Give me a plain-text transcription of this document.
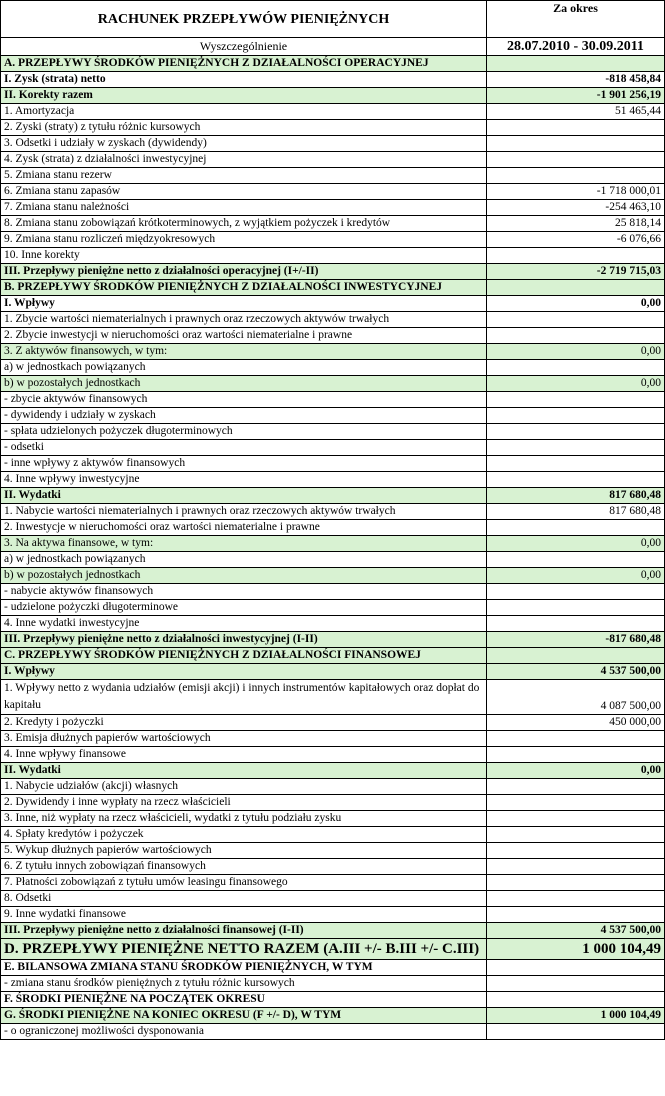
RACHUNEK PRZEPŁYWÓW PIENIĘŻNYCH	Za okres
Wyszczególnienie	28.07.2010 - 30.09.2011
A. PRZEPŁYWY ŚRODKÓW PIENIĘŻNYCH Z DZIAŁALNOŚCI OPERACYJNEJ	
I. Zysk (strata) netto	-818 458,84
II. Korekty razem	-1 901 256,19
1. Amortyzacja	51 465,44
2. Zyski (straty) z tytułu różnic kursowych	
3. Odsetki i udziały w zyskach (dywidendy)	
4. Zysk (strata) z działalności inwestycyjnej	
5. Zmiana stanu rezerw	
6. Zmiana stanu zapasów	-1 718 000,01
7. Zmiana stanu należności	-254 463,10
8. Zmiana stanu zobowiązań krótkoterminowych, z wyjątkiem pożyczek i kredytów	25 818,14
9. Zmiana stanu rozliczeń międzyokresowych	-6 076,66
10. Inne korekty	
III. Przepływy pieniężne netto z działalności operacyjnej (I+/-II)	-2 719 715,03
B. PRZEPŁYWY ŚRODKÓW PIENIĘŻNYCH Z DZIAŁALNOŚCI INWESTYCYJNEJ	
I. Wpływy	0,00
1. Zbycie wartości niematerialnych i prawnych oraz rzeczowych aktywów trwałych	
2. Zbycie inwestycji w nieruchomości oraz wartości niematerialne i prawne	
3. Z aktywów finansowych, w tym:	0,00
a) w jednostkach powiązanych	
b) w pozostałych jednostkach	0,00
- zbycie aktywów finansowych	
- dywidendy i udziały w zyskach	
- spłata udzielonych pożyczek długoterminowych	
- odsetki	
- inne wpływy z aktywów finansowych	
4. Inne wpływy inwestycyjne	
II. Wydatki	817 680,48
1. Nabycie wartości niematerialnych i prawnych oraz rzeczowych aktywów trwałych	817 680,48
2. Inwestycje w nieruchomości oraz wartości niematerialne i prawne	
3. Na aktywa finansowe, w tym:	0,00
a) w jednostkach powiązanych	
b) w pozostałych jednostkach	0,00
- nabycie aktywów finansowych	
- udzielone pożyczki długoterminowe	
4. Inne wydatki inwestycyjne	
III. Przepływy pieniężne netto z działalności inwestycyjnej (I-II)	-817 680,48
C. PRZEPŁYWY ŚRODKÓW PIENIĘŻNYCH Z DZIAŁALNOŚCI FINANSOWEJ	
I. Wpływy	4 537 500,00
1. Wpływy netto z wydania udziałów (emisji akcji) i innych instrumentów kapitałowych oraz dopłat do kapitału	4 087 500,00
2. Kredyty i pożyczki	450 000,00
3. Emisja dłużnych papierów wartościowych	
4. Inne wpływy finansowe	
II. Wydatki	0,00
1. Nabycie udziałów (akcji) własnych	
2. Dywidendy i inne wypłaty na rzecz właścicieli	
3. Inne, niż wypłaty na rzecz właścicieli, wydatki z tytułu podziału zysku	
4. Spłaty kredytów i pożyczek	
5. Wykup dłużnych papierów wartościowych	
6. Z tytułu innych zobowiązań finansowych	
7. Płatności zobowiązań z tytułu umów leasingu finansowego	
8. Odsetki	
9. Inne wydatki finansowe	
III. Przepływy pieniężne netto z działalności finansowej (I-II)	4 537 500,00
D. PRZEPŁYWY PIENIĘŻNE NETTO RAZEM (A.III +/- B.III +/- C.III)	1 000 104,49
E. BILANSOWA ZMIANA STANU ŚRODKÓW PIENIĘŻNYCH, W TYM	
- zmiana stanu środków pieniężnych z tytułu różnic kursowych	
F. ŚRODKI PIENIĘŻNE NA POCZĄTEK OKRESU	
G. ŚRODKI PIENIĘŻNE NA KONIEC OKRESU (F +/- D), W TYM	1 000 104,49
- o ograniczonej możliwości dysponowania	
